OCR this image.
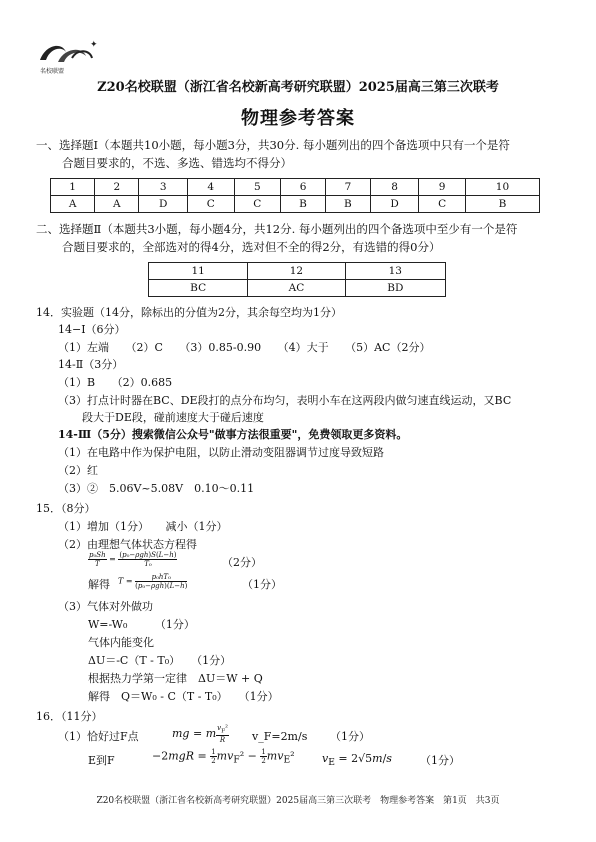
✦
名校联盟
Z20名校联盟（浙江省名校新高考研究联盟）2025届高三第三次联考
物理参考答案
一、选择题Ⅰ（本题共10小题，每小题3分，共30分. 每小题列出的四个备选项中只有一个是符
合题目要求的，不选、多选、错选均不得分）
1	2	3	4	5	6	7	8	9	10
A	A	D	C	C	B	B	D	C	B
二、选择题Ⅱ（本题共3小题，每小题4分，共12分. 每小题列出的四个备选项中至少有一个是符
合题目要求的，全部选对的得4分，选对但不全的得2分，有选错的得0分）
11	12	13
BC	AC	BD
14．实验题（14分，除标出的分值为2分，其余每空均为1分）
14−Ⅰ（6分）
（1）左端　　（2）C　　（3）0.85-0.90　　（4）大于　　（5）AC（2分）
14-Ⅱ（3分）
（1）B　　（2）0.685
（3）打点计时器在BC、DE段打的点分布均匀，表明小车在这两段内做匀速直线运动，又BC
段大于DE段，碰前速度大于碰后速度
14-Ⅲ（5分）搜索微信公众号"做事方法很重要"，免费领取更多资料。
（1）在电路中作为保护电阻，以防止滑动变阻器调节过度导致短路
（2）红
（3）②　5.06V~5.08V　0.10～0.11
15．（8分）
（1）增加（1分）　　减小（1分）
（2）由理想气体状态方程得
$\frac{\text{p₀Sh}}{T} = \frac{\text{(p₀−ρgh)S(L−h)}}{\text{T₀}}$	（2分）
解得 $T = \frac{\text{p₀hT₀}}{\text{(p₀−ρgh)(L−h)}}$	（1分）
（3）气体对外做功
W=-W₀　　　（1分）
气体内能变化
ΔU＝-C（T - T₀）　　（1分）
根据热力学第一定律　ΔU＝W + Q
解得　Q＝W₀ - C（T - T₀）　　（1分）
16．（11分）
（1）恰好过F点	mg = m $\frac{v_F^2}{R}$ v_F=2m/s （1分）
E到F	$-2mgR = \frac{1}{2}mv_F^2 - \frac{1}{2}mv_E^2$ $v_E = 2√5m/s$	（1分）
Z20名校联盟（浙江省名校新高考研究联盟）2025届高三第三次联考　物理参考答案　第1页　共3页
